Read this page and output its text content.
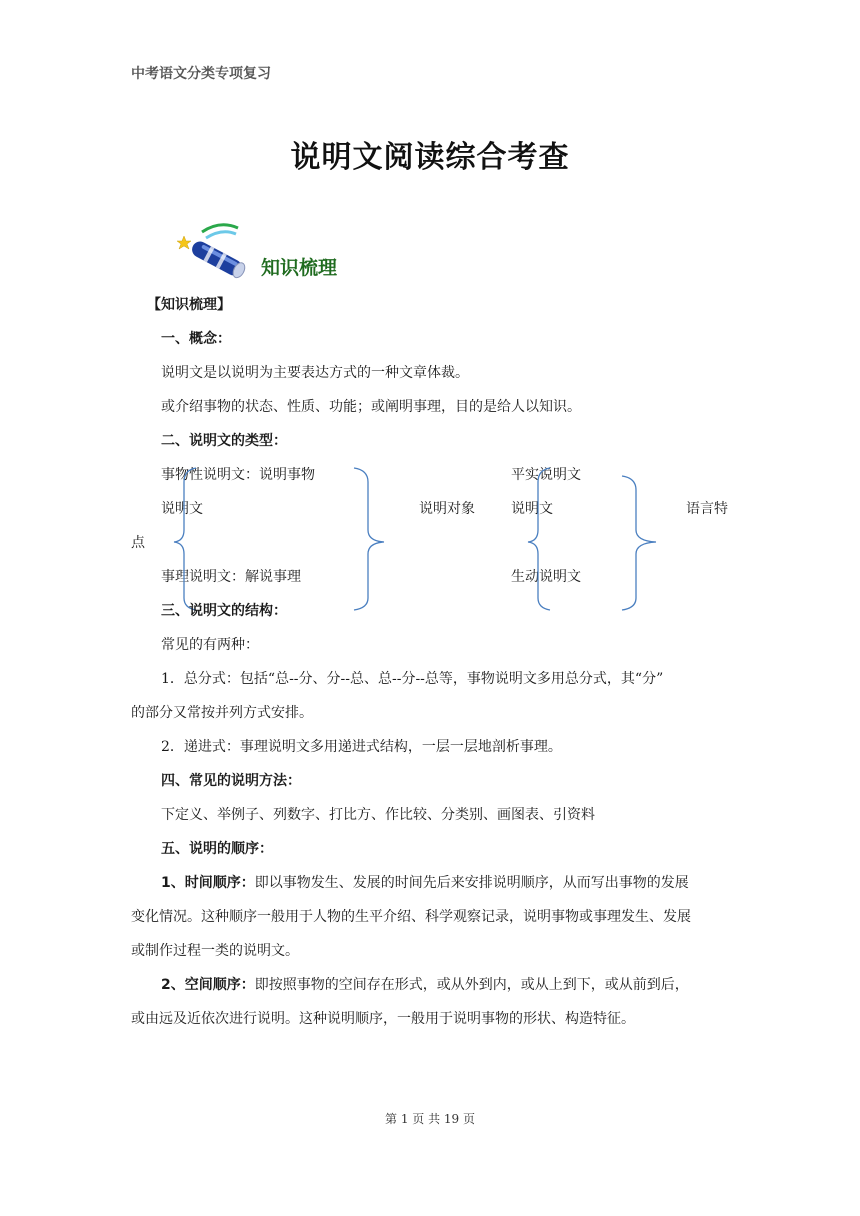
中考语文分类专项复习
说明文阅读综合考查
知识梳理
【知识梳理】
一、概念：
说明文是以说明为主要表达方式的一种文章体裁。
或介绍事物的状态、性质、功能；或阐明事理，目的是给人以知识。
二、说明文的类型：
事物性说明文：说明事物
说明文
点
事理说明文：解说事理
说明对象
平实说明文
说明文
生动说明文
语言特
三、说明文的结构：
常见的有两种：
1．总分式：包括“总--分、分--总、总--分--总等，事物说明文多用总分式，其“分”
的部分又常按并列方式安排。
2．递进式：事理说明文多用递进式结构，一层一层地剖析事理。
四、常见的说明方法：
下定义、举例子、列数字、打比方、作比较、分类别、画图表、引资料
五、说明的顺序：
1、时间顺序：即以事物发生、发展的时间先后来安排说明顺序，从而写出事物的发展
变化情况。这种顺序一般用于人物的生平介绍、科学观察记录，说明事物或事理发生、发展
或制作过程一类的说明文。
2、空间顺序：即按照事物的空间存在形式，或从外到内，或从上到下，或从前到后，
或由远及近依次进行说明。这种说明顺序，一般用于说明事物的形状、构造特征。
第 1 页 共 19 页
